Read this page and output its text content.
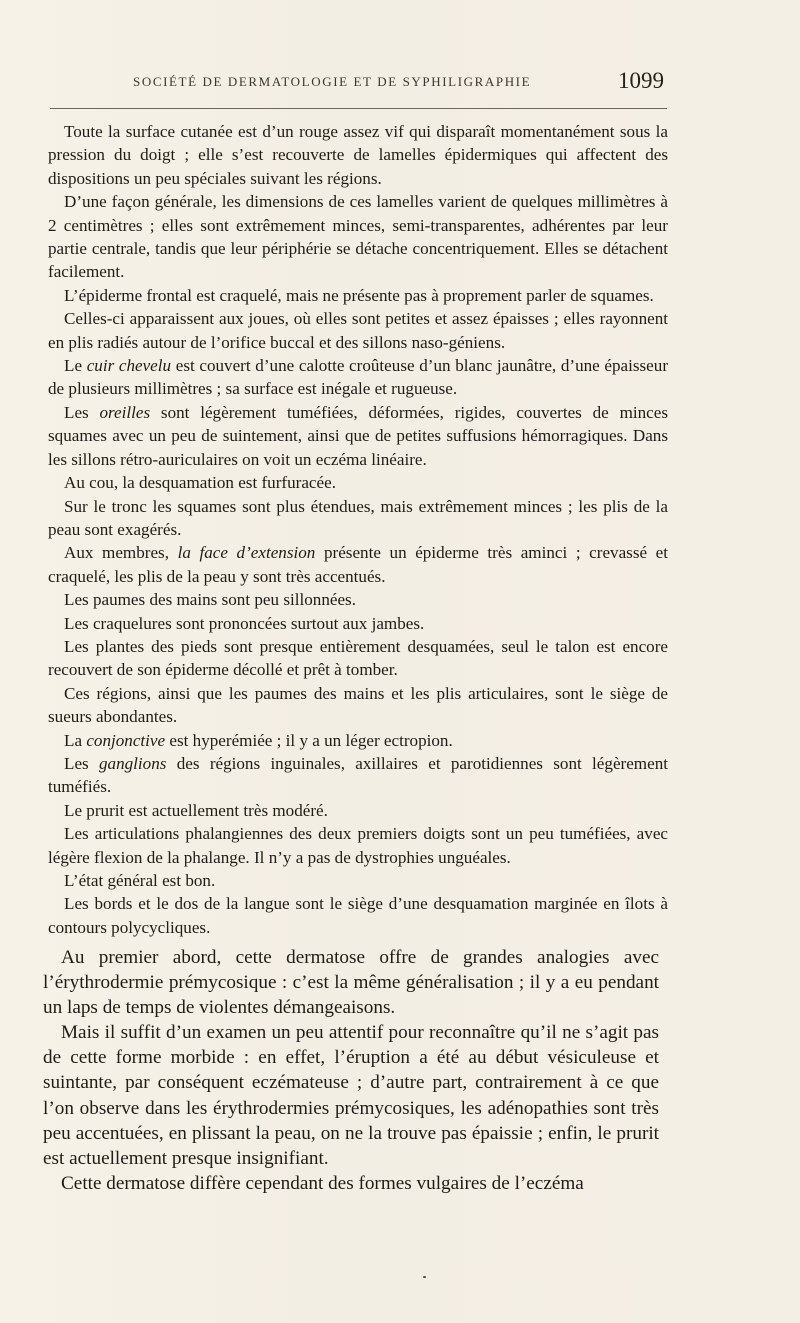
SOCIÉTÉ DE DERMATOLOGIE ET DE SYPHILIGRAPHIE	1099

Toute la surface cutanée est d’un rouge assez vif qui disparaît momentanément sous la pression du doigt ; elle s’est recouverte de lamelles épidermiques qui affectent des dispositions un peu spéciales suivant les régions.

D’une façon générale, les dimensions de ces lamelles varient de quelques millimètres à 2 centimètres ; elles sont extrêmement minces, semi-transparentes, adhérentes par leur partie centrale, tandis que leur périphérie se détache concentriquement. Elles se détachent facilement.

L’épiderme frontal est craquelé, mais ne présente pas à proprement parler de squames.

Celles-ci apparaissent aux joues, où elles sont petites et assez épaisses ; elles rayonnent en plis radiés autour de l’orifice buccal et des sillons naso-géniens.

Le cuir chevelu est couvert d’une calotte croûteuse d’un blanc jaunâtre, d’une épaisseur de plusieurs millimètres ; sa surface est inégale et rugueuse.

Les oreilles sont légèrement tuméfiées, déformées, rigides, couvertes de minces squames avec un peu de suintement, ainsi que de petites suffusions hémorragiques. Dans les sillons rétro-auriculaires on voit un eczéma linéaire.

Au cou, la desquamation est furfuracée.

Sur le tronc les squames sont plus étendues, mais extrêmement minces ; les plis de la peau sont exagérés.

Aux membres, la face d’extension présente un épiderme très aminci ; crevassé et craquelé, les plis de la peau y sont très accentués.

Les paumes des mains sont peu sillonnées.

Les craquelures sont prononcées surtout aux jambes.

Les plantes des pieds sont presque entièrement desquamées, seul le talon est encore recouvert de son épiderme décollé et prêt à tomber.

Ces régions, ainsi que les paumes des mains et les plis articulaires, sont le siège de sueurs abondantes.

La conjonctive est hyperémiée ; il y a un léger ectropion.

Les ganglions des régions inguinales, axillaires et parotidiennes sont légèrement tuméfiés.

Le prurit est actuellement très modéré.

Les articulations phalangiennes des deux premiers doigts sont un peu tuméfiées, avec légère flexion de la phalange. Il n’y a pas de dystrophies unguéales.

L’état général est bon.

Les bords et le dos de la langue sont le siège d’une desquamation marginée en îlots à contours polycycliques.

Au premier abord, cette dermatose offre de grandes analogies avec l’érythrodermie prémycosique : c’est la même généralisation ; il y a eu pendant un laps de temps de violentes démangeaisons.

Mais il suffit d’un examen un peu attentif pour reconnaître qu’il ne s’agit pas de cette forme morbide : en effet, l’éruption a été au début vésiculeuse et suintante, par conséquent eczémateuse ; d’autre part, contrairement à ce que l’on observe dans les érythrodermies prémycosiques, les adénopathies sont très peu accentuées, en plissant la peau, on ne la trouve pas épaissie ; enfin, le prurit est actuellement presque insignifiant.

Cette dermatose diffère cependant des formes vulgaires de l’eczéma
